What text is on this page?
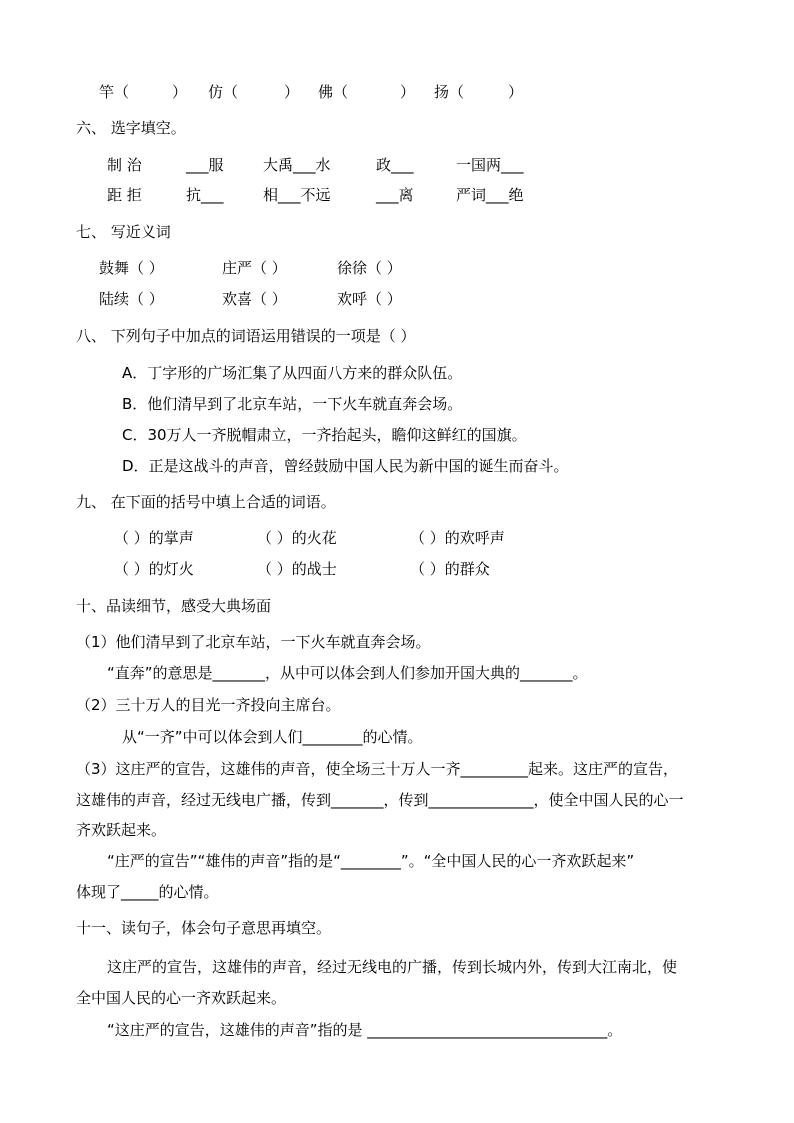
竿（	） 仿（	） 佛（	） 扬（	）
六、 选字填空。
制 治	___服	大禹___水	政___	一国两___
距 拒	抗___	相___不远	___离	严词___绝
七、 写近义词
鼓舞（ ）	庄严（ ）	徐徐（ ）
陆续（ ）	欢喜（ ）	欢呼（ ）
八、 下列句子中加点的词语运用错误的一项是（ ）
A．丁字形的广场汇集了从四面八方来的群众队伍。
B．他们清早到了北京车站，一下火车就直奔会场。
C．30万人一齐脱帽肃立，一齐抬起头，瞻仰这鲜红的国旗。
D．正是这战斗的声音，曾经鼓励中国人民为新中国的诞生而奋斗。
九、 在下面的括号中填上合适的词语。
（ ）的掌声	（ ）的火花	（ ）的欢呼声
（ ）的灯火	（ ）的战士	（ ）的群众
十、品读细节，感受大典场面
（1）他们清早到了北京车站，一下火车就直奔会场。
“直奔”的意思是_______，从中可以体会到人们参加开国大典的_______。
（2）三十万人的目光一齐投向主席台。
从“一齐”中可以体会到人们________的心情。
（3）这庄严的宣告，这雄伟的声音，使全场三十万人一齐_________起来。这庄严的宣告，
这雄伟的声音，经过无线电广播，传到_______，传到______________，使全中国人民的心一
齐欢跃起来。
“庄严的宣告”“雄伟的声音”指的是“________”。“全中国人民的心一齐欢跃起来”
体现了_____的心情。
十一、读句子，体会句子意思再填空。
这庄严的宣告，这雄伟的声音，经过无线电的广播，传到长城内外，传到大江南北，使
全中国人民的心一齐欢跃起来。
“这庄严的宣告，这雄伟的声音”指的是 ________________________________。
